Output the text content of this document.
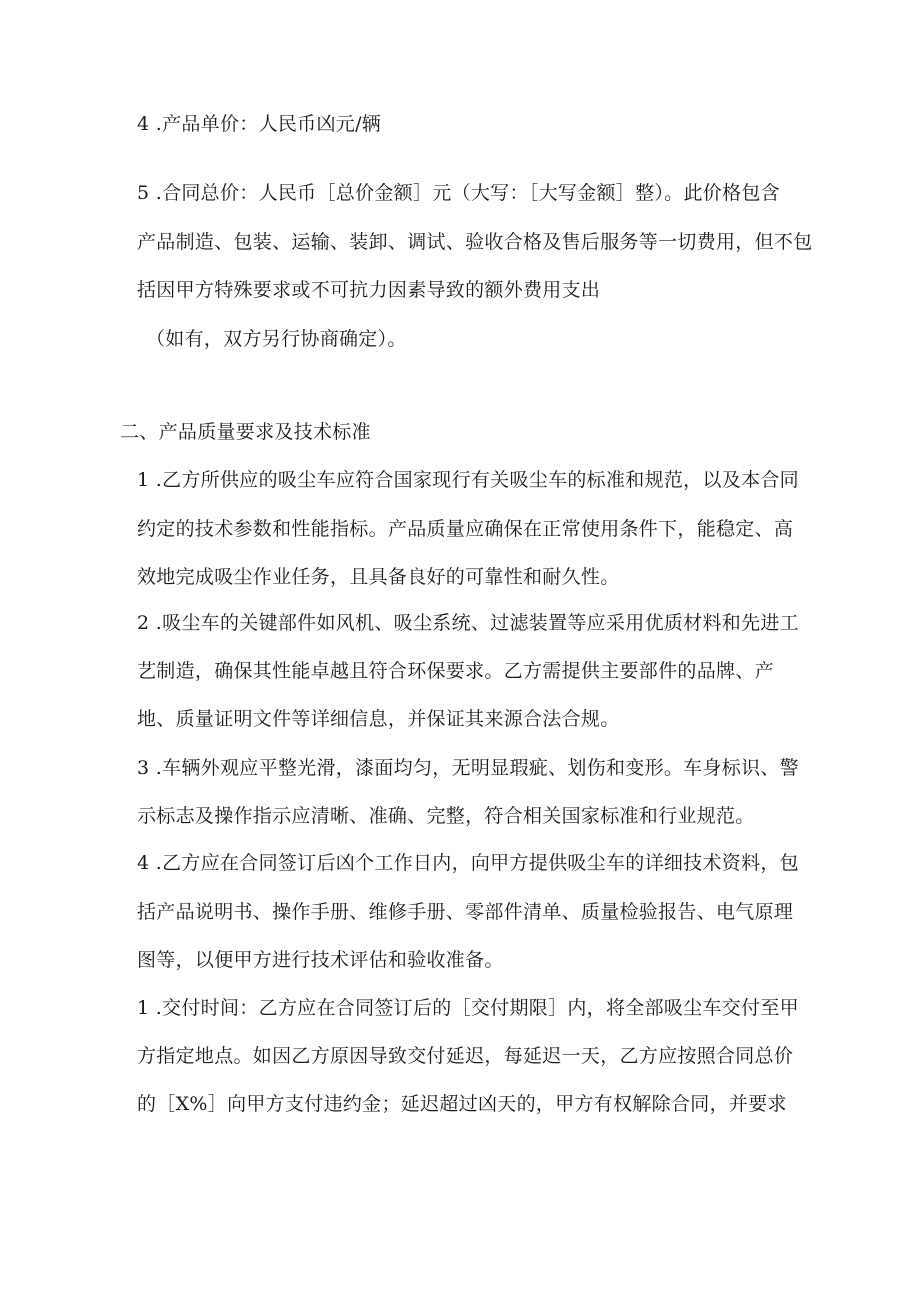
4 .产品单价：人民币凶元/辆
5 .合同总价：人民币［总价金额］元（大写：［大写金额］整）。此价格包含
产品制造、包装、运输、装卸、调试、验收合格及售后服务等一切费用，但不包
括因甲方特殊要求或不可抗力因素导致的额外费用支出
（如有，双方另行协商确定）。
二、产品质量要求及技术标准
1 .乙方所供应的吸尘车应符合国家现行有关吸尘车的标准和规范，以及本合同
约定的技术参数和性能指标。产品质量应确保在正常使用条件下，能稳定、高
效地完成吸尘作业任务，且具备良好的可靠性和耐久性。
2 .吸尘车的关键部件如风机、吸尘系统、过滤装置等应采用优质材料和先进工
艺制造，确保其性能卓越且符合环保要求。乙方需提供主要部件的品牌、产
地、质量证明文件等详细信息，并保证其来源合法合规。
3 .车辆外观应平整光滑，漆面均匀，无明显瑕疵、划伤和变形。车身标识、警
示标志及操作指示应清晰、准确、完整，符合相关国家标准和行业规范。
4 .乙方应在合同签订后凶个工作日内，向甲方提供吸尘车的详细技术资料，包
括产品说明书、操作手册、维修手册、零部件清单、质量检验报告、电气原理
图等，以便甲方进行技术评估和验收准备。
1 .交付时间：乙方应在合同签订后的［交付期限］内，将全部吸尘车交付至甲
方指定地点。如因乙方原因导致交付延迟，每延迟一天，乙方应按照合同总价
的［X%］向甲方支付违约金；延迟超过凶天的，甲方有权解除合同，并要求
